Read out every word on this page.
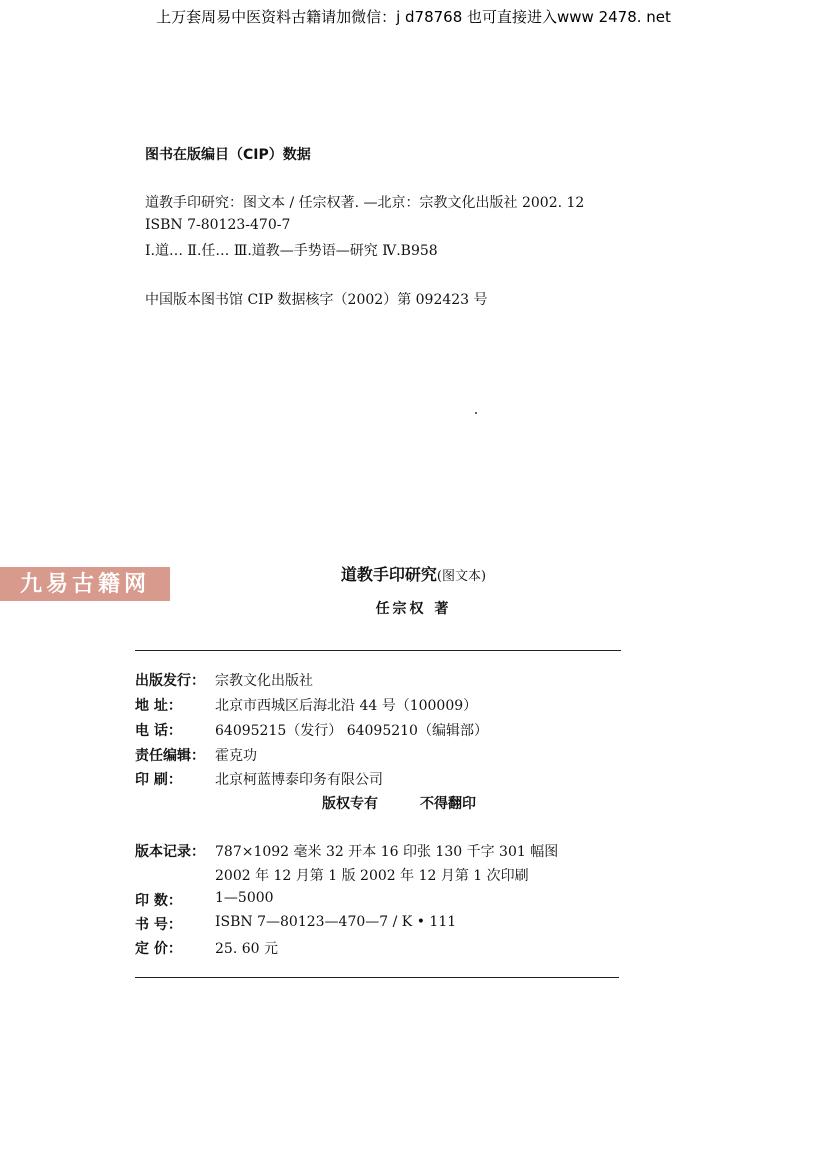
上万套周易中医资料古籍请加微信：j d78768 也可直接进入www 2478. net
图书在版编目（CIP）数据
道教手印研究：图文本 / 任宗权著. —北京：宗教文化出版社 2002. 12
ISBN 7-80123-470-7
Ⅰ.道… Ⅱ.任… Ⅲ.道教—手势语—研究 Ⅳ.B958
中国版本图书馆 CIP 数据核字（2002）第 092423 号
九易古籍网	道教手印研究(图文本)
任宗权 著
出版发行： 宗教文化出版社
地 址： 北京市西城区后海北沿 44 号（100009）
电 话： 64095215（发行） 64095210（编辑部）
责任编辑： 霍克功
印 刷： 北京柯蓝博泰印务有限公司
版权专有	不得翻印
版本记录： 787×1092 毫米 32 开本 16 印张 130 千字 301 幅图
2002 年 12 月第 1 版 2002 年 12 月第 1 次印刷
印 数： 1—5000
书 号： ISBN 7—80123—470—7 / K • 111
定 价： 25. 60 元
